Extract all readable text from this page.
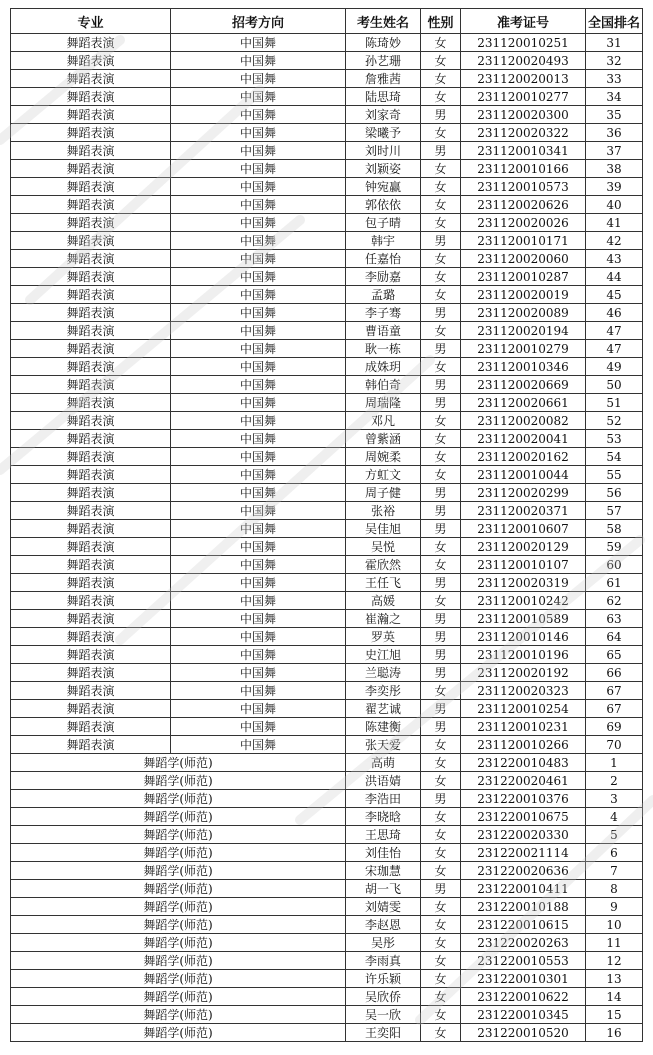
专业	招考方向	考生姓名	性别	准考证号	全国排名
舞蹈表演	中国舞	陈琦妙	女	231120010251	31
舞蹈表演	中国舞	孙艺珊	女	231120020493	32
舞蹈表演	中国舞	詹雅茜	女	231120020013	33
舞蹈表演	中国舞	陆思琦	女	231120010277	34
舞蹈表演	中国舞	刘家奇	男	231120020300	35
舞蹈表演	中国舞	梁曦予	女	231120020322	36
舞蹈表演	中国舞	刘时川	男	231120010341	37
舞蹈表演	中国舞	刘颖姿	女	231120010166	38
舞蹈表演	中国舞	钟宛赢	女	231120010573	39
舞蹈表演	中国舞	郭依依	女	231120020626	40
舞蹈表演	中国舞	包子晴	女	231120020026	41
舞蹈表演	中国舞	韩宇	男	231120010171	42
舞蹈表演	中国舞	任嘉怡	女	231120020060	43
舞蹈表演	中国舞	李励嘉	女	231120010287	44
舞蹈表演	中国舞	孟璐	女	231120020019	45
舞蹈表演	中国舞	李子骞	男	231120020089	46
舞蹈表演	中国舞	曹语童	女	231120020194	47
舞蹈表演	中国舞	耿一栋	男	231120010279	47
舞蹈表演	中国舞	成姝玥	女	231120010346	49
舞蹈表演	中国舞	韩伯奇	男	231120020669	50
舞蹈表演	中国舞	周瑞隆	男	231120020661	51
舞蹈表演	中国舞	邓凡	女	231120020082	52
舞蹈表演	中国舞	曾紫涵	女	231120020041	53
舞蹈表演	中国舞	周婉柔	女	231120020162	54
舞蹈表演	中国舞	方虹文	女	231120010044	55
舞蹈表演	中国舞	周子健	男	231120020299	56
舞蹈表演	中国舞	张裕	男	231120020371	57
舞蹈表演	中国舞	吴佳旭	男	231120010607	58
舞蹈表演	中国舞	吴悦	女	231120020129	59
舞蹈表演	中国舞	霍欣然	女	231120010107	60
舞蹈表演	中国舞	王任飞	男	231120020319	61
舞蹈表演	中国舞	高媛	女	231120010242	62
舞蹈表演	中国舞	崔瀚之	男	231120010589	63
舞蹈表演	中国舞	罗英	男	231120010146	64
舞蹈表演	中国舞	史江旭	男	231120010196	65
舞蹈表演	中国舞	兰聪涛	男	231120020192	66
舞蹈表演	中国舞	李奕彤	女	231120020323	67
舞蹈表演	中国舞	翟艺诚	男	231120010254	67
舞蹈表演	中国舞	陈建衡	男	231120010231	69
舞蹈表演	中国舞	张天爱	女	231120010266	70
舞蹈学(师范)		高萌	女	231220010483	1
舞蹈学(师范)		洪语婧	女	231220020461	2
舞蹈学(师范)		李浩田	男	231220010376	3
舞蹈学(师范)		李晓晗	女	231220010675	4
舞蹈学(师范)		王思琦	女	231220020330	5
舞蹈学(师范)		刘佳怡	女	231220021114	6
舞蹈学(师范)		宋珈慧	女	231220020636	7
舞蹈学(师范)		胡一飞	男	231220010411	8
舞蹈学(师范)		刘婧雯	女	231220010188	9
舞蹈学(师范)		李赵恩	女	231220010615	10
舞蹈学(师范)		吴彤	女	231220020263	11
舞蹈学(师范)		李雨真	女	231220010553	12
舞蹈学(师范)		许乐颖	女	231220010301	13
舞蹈学(师范)		吴欣侨	女	231220010622	14
舞蹈学(师范)		吴一欣	女	231220010345	15
舞蹈学(师范)		王奕阳	女	231220010520	16
